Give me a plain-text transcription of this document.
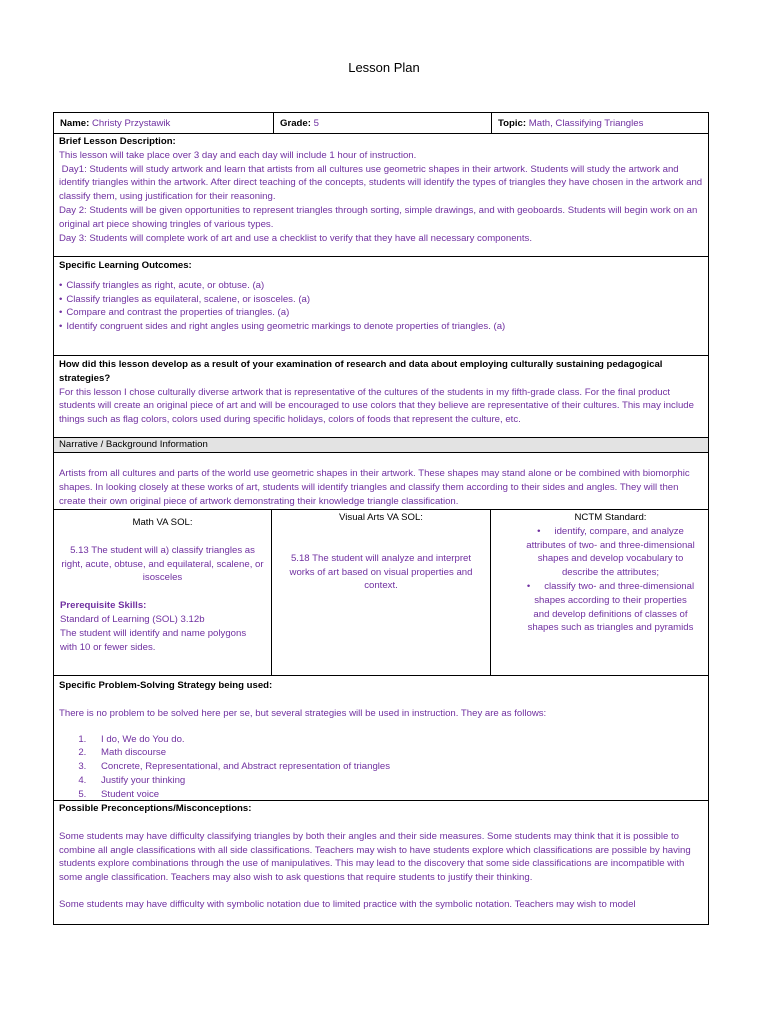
Lesson Plan
Name: Christy Przystawik	Grade: 5	Topic: Math, Classifying Triangles
Brief Lesson Description:
This lesson will take place over 3 day and each day will include 1 hour of instruction.
Day1: Students will study artwork and learn that artists from all cultures use geometric shapes in their artwork. Students will study the artwork and identify triangles within the artwork. After direct teaching of the concepts, students will identify the types of triangles they have chosen in the artwork and classify them, using justification for their reasoning.
Day 2: Students will be given opportunities to represent triangles through sorting, simple drawings, and with geoboards. Students will begin work on an original art piece showing tringles of various types.
Day 3: Students will complete work of art and use a checklist to verify that they have all necessary components.
Specific Learning Outcomes:
• Classify triangles as right, acute, or obtuse. (a)
• Classify triangles as equilateral, scalene, or isosceles. (a)
• Compare and contrast the properties of triangles. (a)
• Identify congruent sides and right angles using geometric markings to denote properties of triangles. (a)
How did this lesson develop as a result of your examination of research and data about employing culturally sustaining pedagogical strategies?
For this lesson I chose culturally diverse artwork that is representative of the cultures of the students in my fifth-grade class. For the final product students will create an original piece of art and will be encouraged to use colors that they believe are representative of their cultures. This may include things such as flag colors, colors used during specific holidays, colors of foods that represent the culture, etc.
Narrative / Background Information
Artists from all cultures and parts of the world use geometric shapes in their artwork. These shapes may stand alone or be combined with biomorphic shapes. In looking closely at these works of art, students will identify triangles and classify them according to their sides and angles. They will then create their own original piece of artwork demonstrating their knowledge triangle classification.
Math VA SOL:
5.13 The student will a) classify triangles as right, acute, obtuse, and equilateral, scalene, or isosceles
Prerequisite Skills:
Standard of Learning (SOL) 3.12b
The student will identify and name polygons with 10 or fewer sides.
Visual Arts VA SOL:
5.18 The student will analyze and interpret works of art based on visual properties and context.
NCTM Standard:
• identify, compare, and analyze attributes of two- and three-dimensional shapes and develop vocabulary to describe the attributes;
• classify two- and three-dimensional shapes according to their properties and develop definitions of classes of shapes such as triangles and pyramids
Specific Problem-Solving Strategy being used:
There is no problem to be solved here per se, but several strategies will be used in instruction. They are as follows:
1. I do, We do You do.
2. Math discourse
3. Concrete, Representational, and Abstract representation of triangles
4. Justify your thinking
5. Student voice
Possible Preconceptions/Misconceptions:
Some students may have difficulty classifying triangles by both their angles and their side measures. Some students may think that it is possible to combine all angle classifications with all side classifications. Teachers may wish to have students explore which classifications are possible by having students explore combinations through the use of manipulatives. This may lead to the discovery that some side classifications are incompatible with some angle classification. Teachers may also wish to ask questions that require students to justify their thinking.
Some students may have difficulty with symbolic notation due to limited practice with the symbolic notation. Teachers may wish to model
